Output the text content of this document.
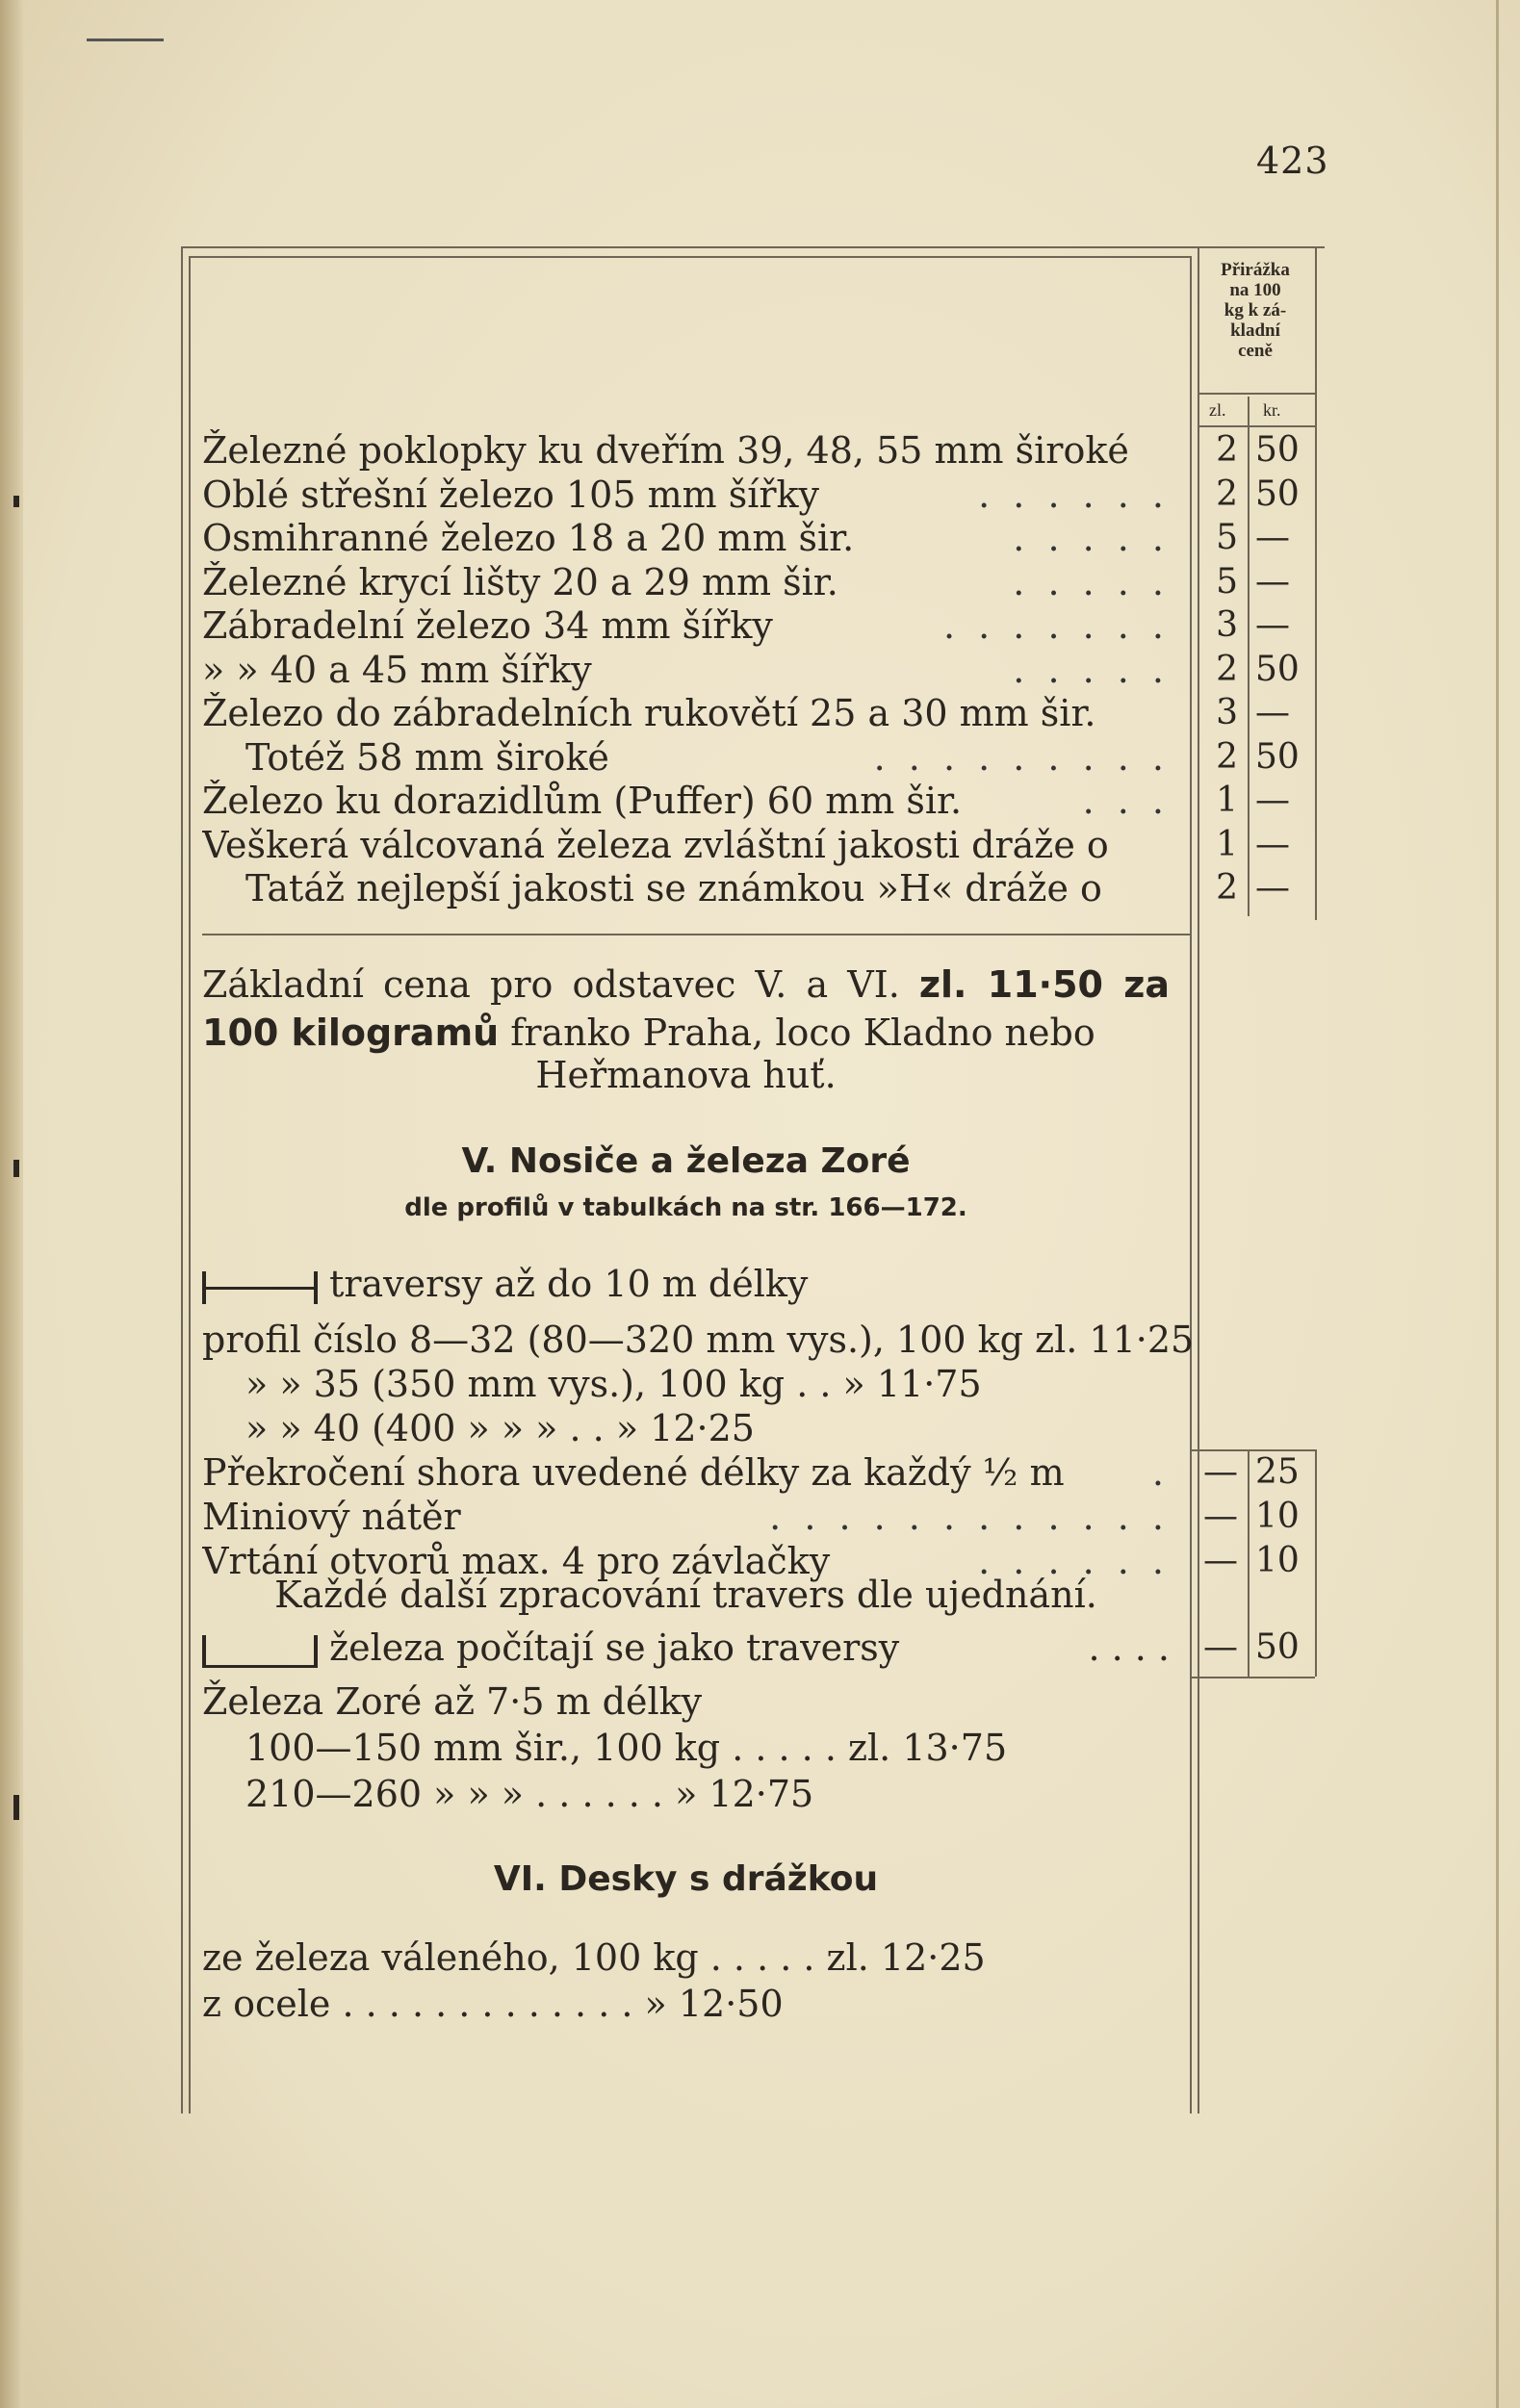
423
Přirážka
na 100
kg k zá-
kladní
ceně
zl. kr.
Železné poklopky ku dveřím 39, 48, 55 mm široké	2 50
Oblé střešní železo 105 mm šířky	. . . . . .	2 50
Osmihranné železo 18 a 20 mm šir.	. . . . .	5 —
Železné krycí lišty 20 a 29 mm šir.	. . . . .	5 —
Zábradelní železo 34 mm šířky	. . . . . . .	3 —
» » 40 a 45 mm šířky	. . . . .	2 50
Železo do zábradelních rukovětí 25 a 30 mm šir.	3 —
Totéž 58 mm široké	. . . . . . . . .	2 50
Železo ku dorazidlům (Puffer) 60 mm šir.	. . .	1 —
Veškerá válcovaná železa zvláštní jakosti dráže o	1 —
Tatáž nejlepší jakosti se známkou »H« dráže o	2 —
Základní cena pro odstavec V. a VI. zl. 11·50 za 100 kilogramů franko Praha, loco Kladno nebo
Heřmanova huť.
V. Nosiče a železa Zoré
dle profilů v tabulkách na str. 166—172.
traversy až do 10 m délky
profil číslo 8—32 (80—320 mm vys.), 100 kg zl. 11·25
» » 35 (350 mm vys.), 100 kg . . » 11·75
» » 40 (400 » » » . . » 12·25
Překročení shora uvedené délky za každý ½ m . — 25
Miniový nátěr	. . . . . . . . . . . . — 10
Vrtání otvorů max. 4 pro závlačky	. . . . . . — 10
Každé další zpracování travers dle ujednání.
železa počítají se jako traversy	. . . . — 50
Železa Zoré až 7·5 m délky
100—150 mm šir., 100 kg . . . . . zl. 13·75
210—260 » » » . . . . . . » 12·75
VI. Desky s drážkou
ze železa váleného, 100 kg . . . . . zl. 12·25
z ocele . . . . . . . . . . . . . » 12·50
